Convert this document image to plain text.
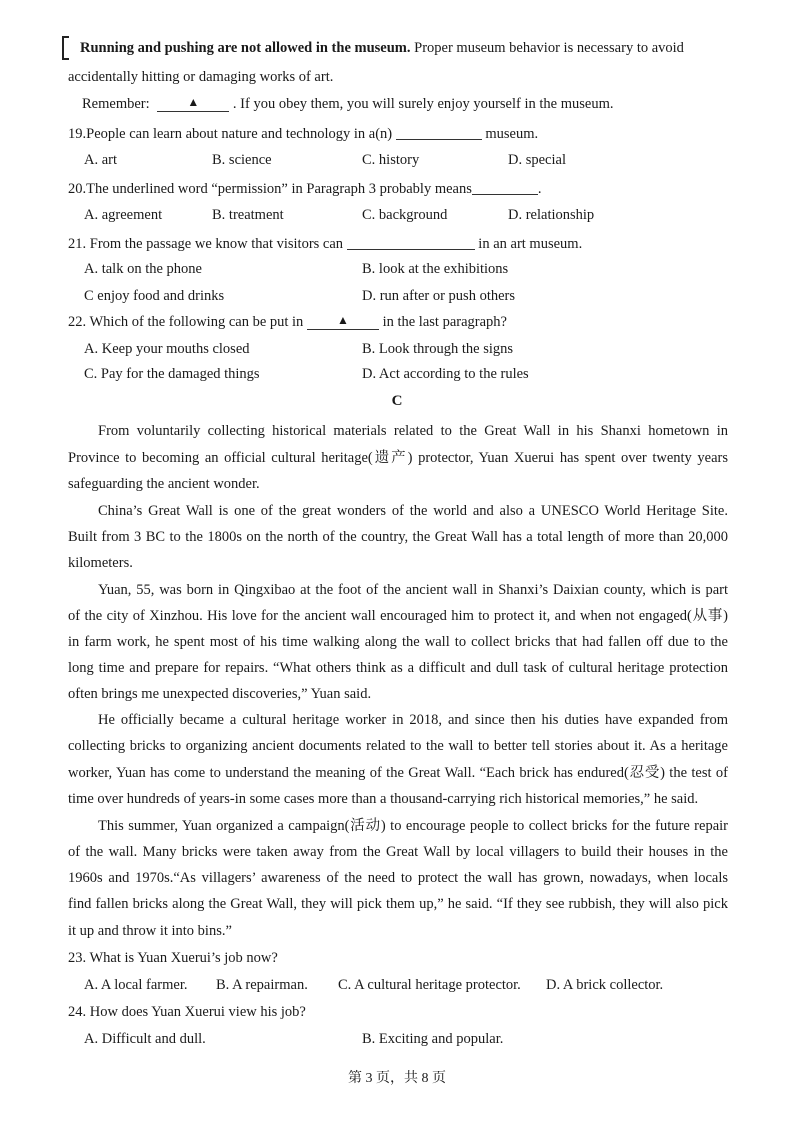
Running and pushing are not allowed in the museum. Proper museum behavior is necessary to avoid
accidentally hitting or damaging works of art.
Remember:	▲ . If you obey them, you will surely enjoy yourself in the museum.
19.People can learn about nature and technology in a(n)	museum.
A. art	B. science	C. history	D. special
20.The underlined word “permission” in Paragraph 3 probably means	.
A. agreement	B. treatment	C. background	D. relationship
21. From the passage we know that visitors can	in an art museum.
A. talk on the phone	B. look at the exhibitions
C enjoy food and drinks	D. run after or push others
22. Which of the following can be put in	▲ in the last paragraph?
A. Keep your mouths closed	B. Look through the signs
C. Pay for the damaged things	D. Act according to the rules
C
From voluntarily collecting historical materials related to the Great Wall in his Shanxi hometown in
Province to becoming an official cultural heritage(遗产) protector, Yuan Xuerui has spent over twenty years
safeguarding the ancient wonder.
China’s Great Wall is one of the great wonders of the world and also a UNESCO World Heritage Site.
Built from 3 BC to the 1800s on the north of the country, the Great Wall has a total length of more than 20,000
kilometers.
Yuan, 55, was born in Qingxibao at the foot of the ancient wall in Shanxi’s Daixian county, which is part
of the city of Xinzhou. His love for the ancient wall encouraged him to protect it, and when not engaged(从事)
in farm work, he spent most of his time walking along the wall to collect bricks that had fallen off due to the
long time and prepare for repairs. “What others think as a difficult and dull task of cultural heritage protection
often brings me unexpected discoveries,” Yuan said.
He officially became a cultural heritage worker in 2018, and since then his duties have expanded from
collecting bricks to organizing ancient documents related to the wall to better tell stories about it. As a heritage
worker, Yuan has come to understand the meaning of the Great Wall. “Each brick has endured(忍受) the test of
time over hundreds of years-in some cases more than a thousand-carrying rich historical memories,” he said.
This summer, Yuan organized a campaign(活动) to encourage people to collect bricks for the future repair
of the wall. Many bricks were taken away from the Great Wall by local villagers to build their houses in the
1960s and 1970s.“As villagers’ awareness of the need to protect the wall has grown, nowadays, when locals
find fallen bricks along the Great Wall, they will pick them up,” he said. “If they see rubbish, they will also pick
it up and throw it into bins.”
23. What is Yuan Xuerui’s job now?
A. A local farmer. B. A repairman. C. A cultural heritage protector. D. A brick collector.
24. How does Yuan Xuerui view his job?
A. Difficult and dull.	B. Exciting and popular.
第 3 页，共 8 页
